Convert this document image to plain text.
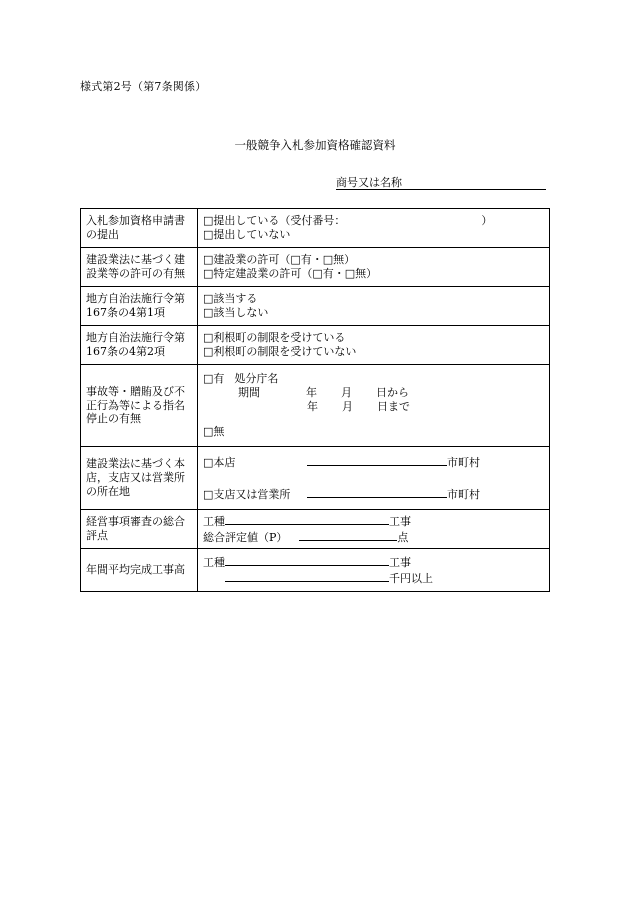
様式第2号（第7条関係）
一般競争入札参加資格確認資料
商号又は名称
入札参加資格申請書
の提出	□提出している（受付番号： ）
□提出していない

建設業法に基づく建
設業等の許可の有無	□建設業の許可（□有・□無）
□特定建設業の許可（□有・□無）

地方自治法施行令第
167条の4第1項	□該当する
□該当しない

地方自治法施行令第
167条の4第2項	□利根町の制限を受けている
□利根町の制限を受けていない

事故等・贈賄及び不
正行為等による指名
停止の有無	□有 処分庁名
期間 年 月 日から
年 月 日まで
□無

建設業法に基づく本
店，支店又は営業所
の所在地	□本店 市町村
□支店又は営業所 市町村

経営事項審査の総合
評点	工種 工事
総合評定値（P） 点

年間平均完成工事高	工種 工事
千円以上
